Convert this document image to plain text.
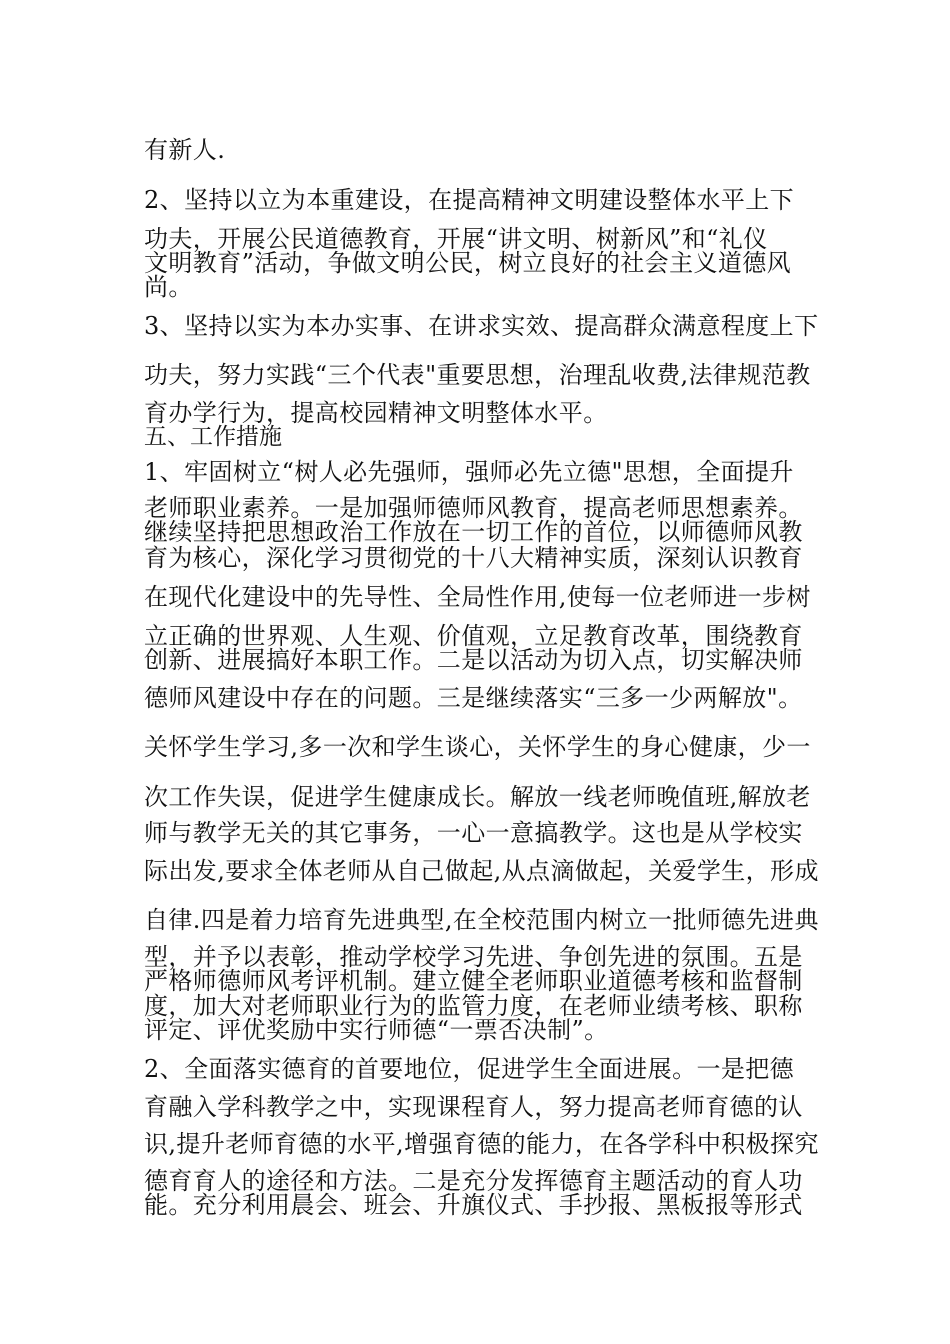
有新人.
2、坚持以立为本重建设，在提高精神文明建设整体水平上下
功夫，开展公民道德教育，开展“讲文明、树新风”和“礼仪
文明教育”活动，争做文明公民，树立良好的社会主义道德风
尚。
3、坚持以实为本办实事、在讲求实效、提高群众满意程度上下
功夫，努力实践“三个代表"重要思想，治理乱收费,法律规范教
育办学行为，提高校园精神文明整体水平。
五、工作措施
1、牢固树立“树人必先强师，强师必先立德"思想，全面提升
老师职业素养。一是加强师德师风教育，提高老师思想素养。
继续坚持把思想政治工作放在一切工作的首位，以师德师风教
育为核心，深化学习贯彻党的十八大精神实质，深刻认识教育
在现代化建设中的先导性、全局性作用,使每一位老师进一步树
立正确的世界观、人生观、价值观，立足教育改革，围绕教育
创新、进展搞好本职工作。二是以活动为切入点，切实解决师
德师风建设中存在的问题。三是继续落实“三多一少两解放"。
关怀学生学习,多一次和学生谈心，关怀学生的身心健康，少一
次工作失误，促进学生健康成长。解放一线老师晚值班,解放老
师与教学无关的其它事务，一心一意搞教学。这也是从学校实
际出发,要求全体老师从自己做起,从点滴做起，关爱学生，形成
自律.四是着力培育先进典型,在全校范围内树立一批师德先进典
型，并予以表彰，推动学校学习先进、争创先进的氛围。五是
严格师德师风考评机制。建立健全老师职业道德考核和监督制
度，加大对老师职业行为的监管力度，在老师业绩考核、职称
评定、评优奖励中实行师德“一票否决制”。
2、全面落实德育的首要地位，促进学生全面进展。一是把德
育融入学科教学之中，实现课程育人，努力提高老师育德的认
识,提升老师育德的水平,增强育德的能力，在各学科中积极探究
德育育人的途径和方法。二是充分发挥德育主题活动的育人功
能。充分利用晨会、班会、升旗仪式、手抄报、黑板报等形式
